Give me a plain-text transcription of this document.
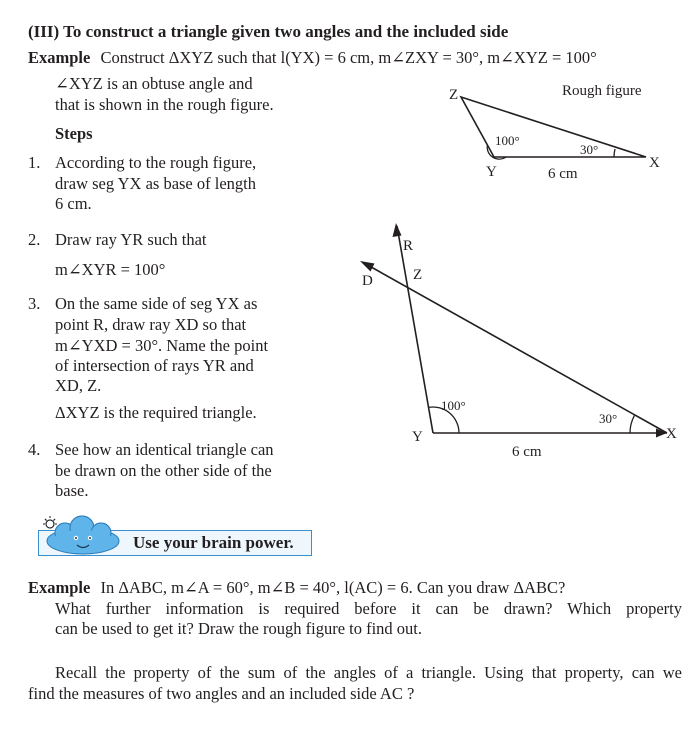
(III) To construct a triangle given two angles and the included side
Example Construct ΔXYZ such that l(YX) = 6 cm, m∠ZXY = 30°, m∠XYZ = 100°
∠XYZ is an obtuse angle and
that is shown in the rough figure.
Steps
1. According to the rough figure,
draw seg YX as base of length
6 cm.
2. Draw ray YR such that
m∠XYR = 100°
3. On the same side of seg YX as
point R, draw ray XD so that
m∠YXD = 30°. Name the point
of intersection of rays YR and
XD, Z.
ΔXYZ is the required triangle.
4. See how an identical triangle can
be drawn on the other side of the
base.
Rough figure
Z
Y
X
100°
30°
6 cm
R
D	Z
Y	X
100°
30°
6 cm
Use your brain power.
Example In ΔABC, m∠A = 60°, m∠B = 40°, l(AC) = 6. Can you draw ΔABC?
What further information is required before it can be drawn? Which property
can be used to get it? Draw the rough figure to find out.
Recall the property of the sum of the angles of a triangle. Using that property, can we
find the measures of two angles and an included side AC ?
